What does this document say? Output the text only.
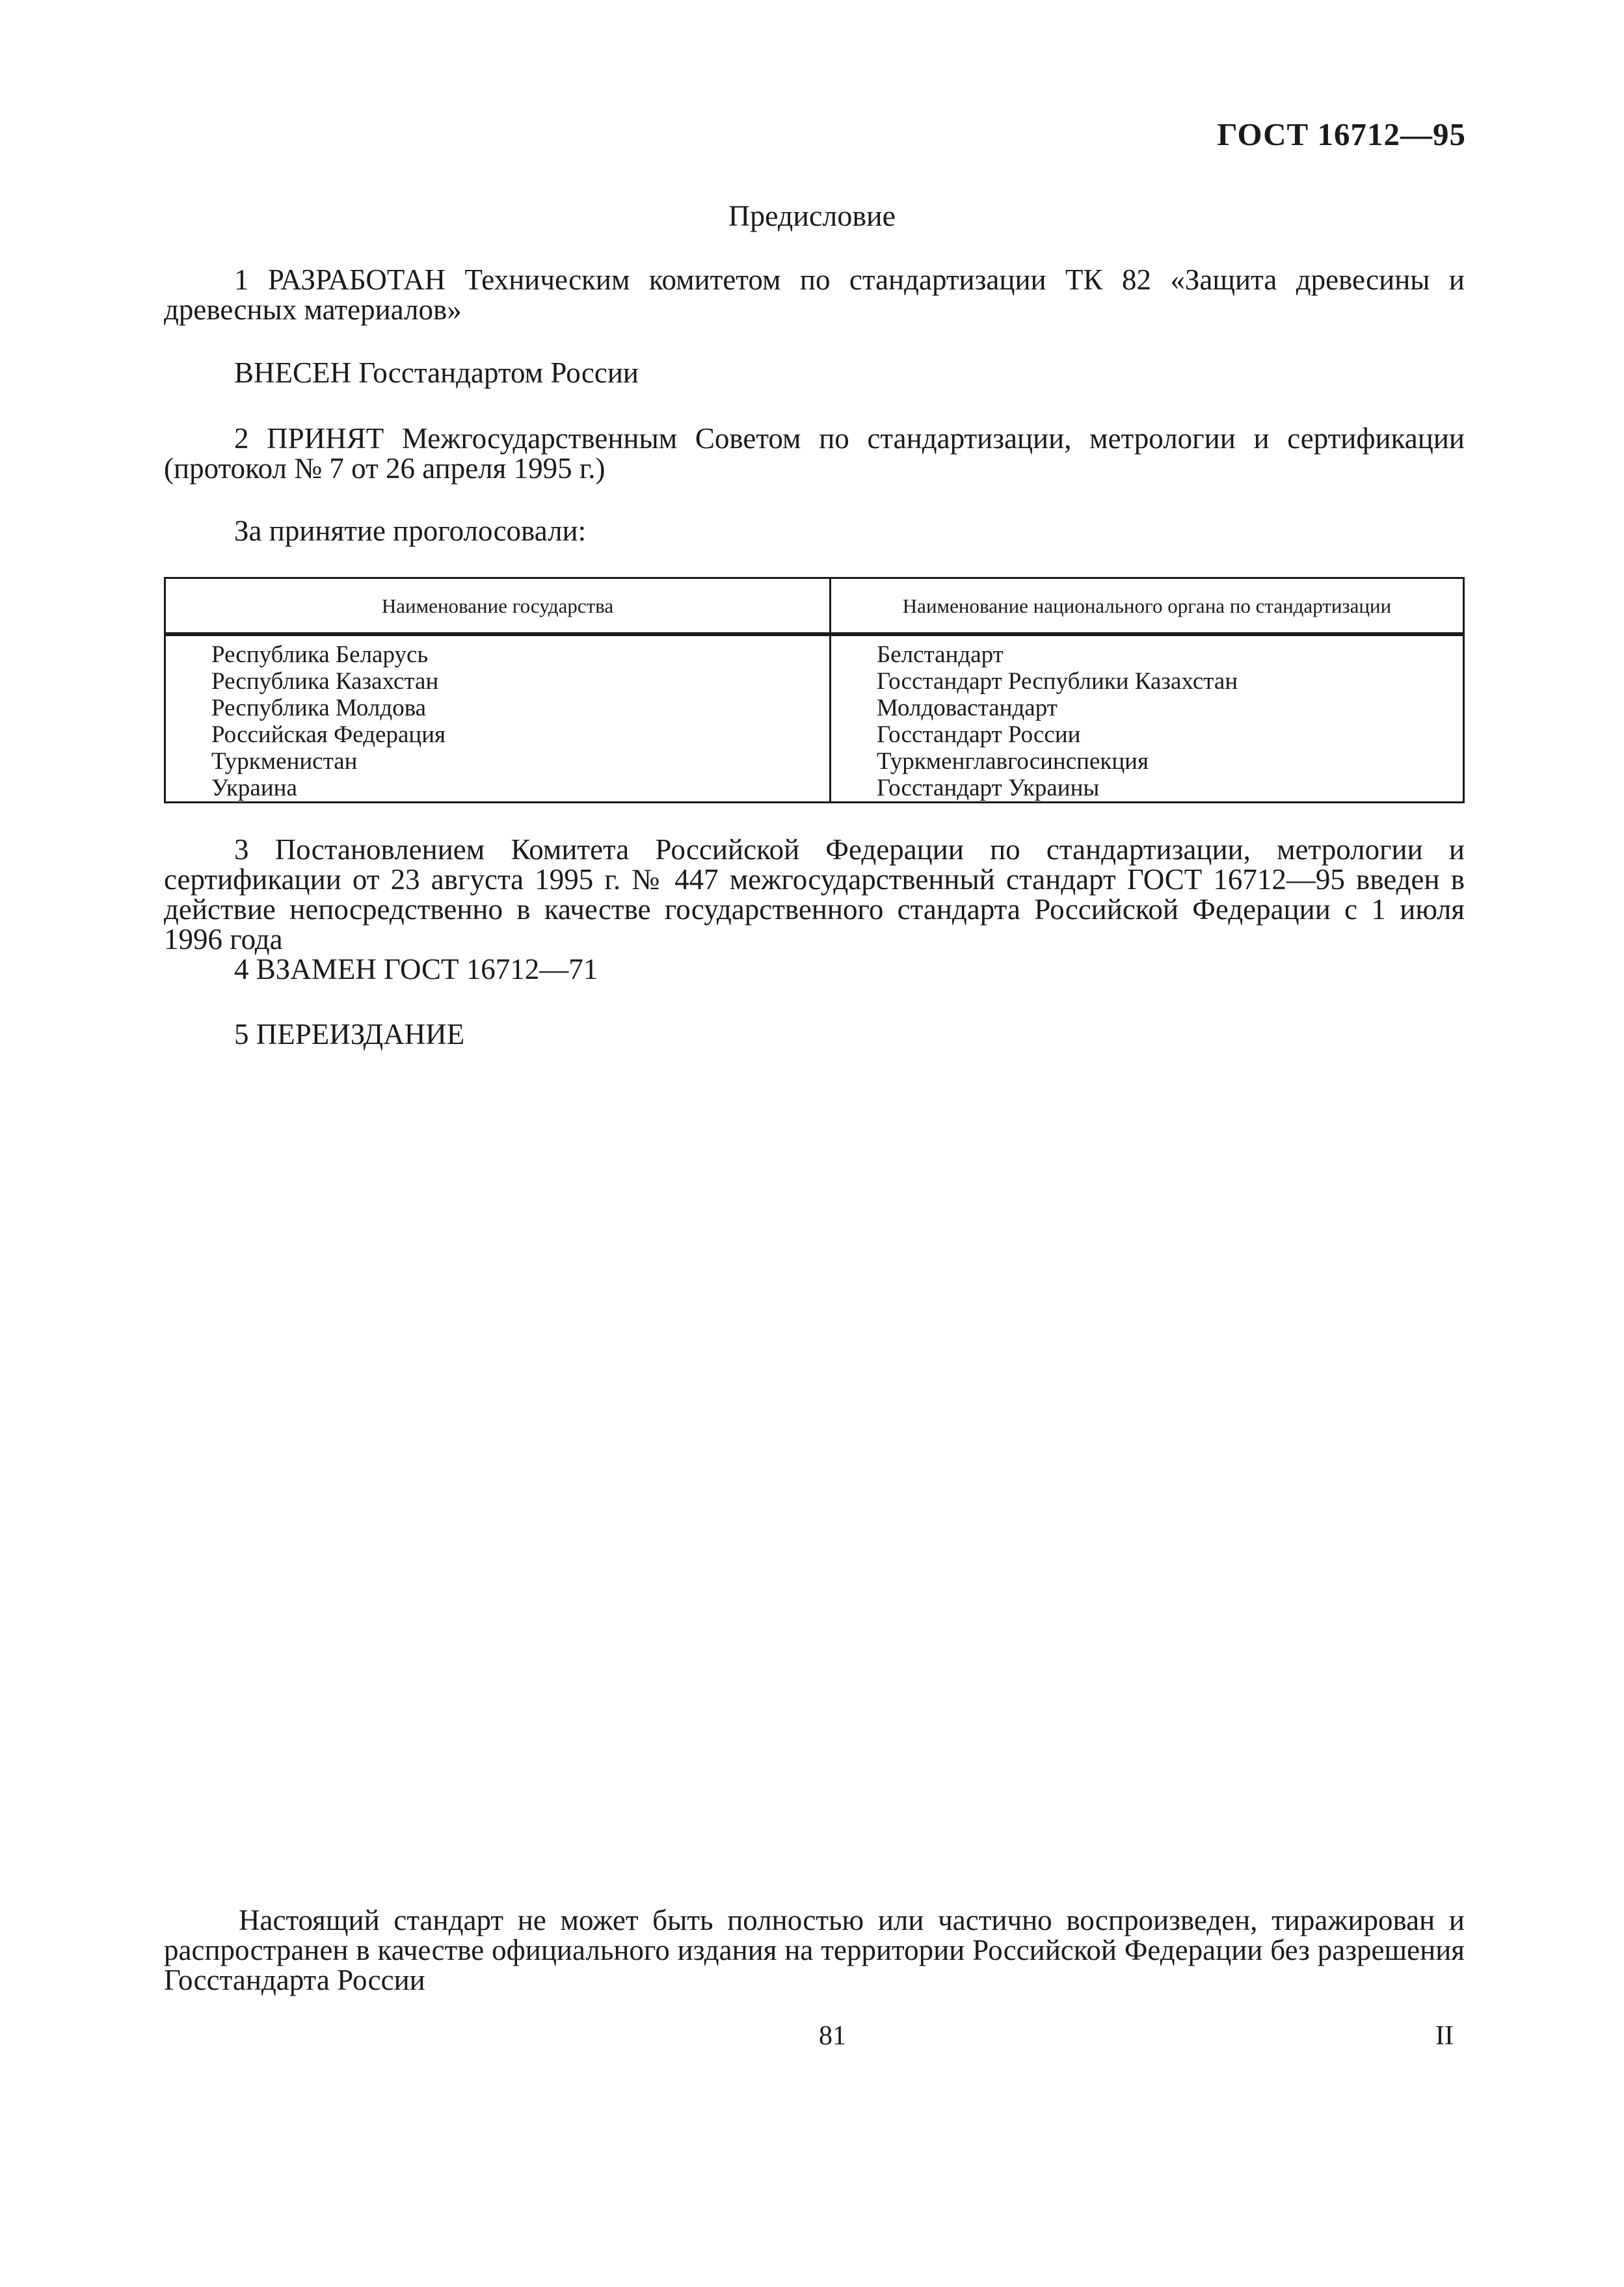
ГОСТ 16712—95
Предисловие
1 РАЗРАБОТАН Техническим комитетом по стандартизации ТК 82 «Защита древесины и древесных материалов»
ВНЕСЕН Госстандартом России
2 ПРИНЯТ Межгосударственным Советом по стандартизации, метрологии и сертификации (протокол № 7 от 26 апреля 1995 г.)
За принятие проголосовали:
Наименование государства	Наименование национального органа по стандартизации
Республика Беларусь	Белстандарт
Республика Казахстан	Госстандарт Республики Казахстан
Республика Молдова	Молдовастандарт
Российская Федерация	Госстандарт России
Туркменистан	Туркменглавгосинспекция
Украина	Госстандарт Украины
3 Постановлением Комитета Российской Федерации по стандартизации, метрологии и сертификации от 23 августа 1995 г. № 447 межгосударственный стандарт ГОСТ 16712—95 введен в действие непосредственно в качестве государственного стандарта Российской Федерации с 1 июля 1996 года
4 ВЗАМЕН ГОСТ 16712—71
5 ПЕРЕИЗДАНИЕ
Настоящий стандарт не может быть полностью или частично воспроизведен, тиражирован и распространен в качестве официального издания на территории Российской Федерации без разрешения Госстандарта России
81	II
